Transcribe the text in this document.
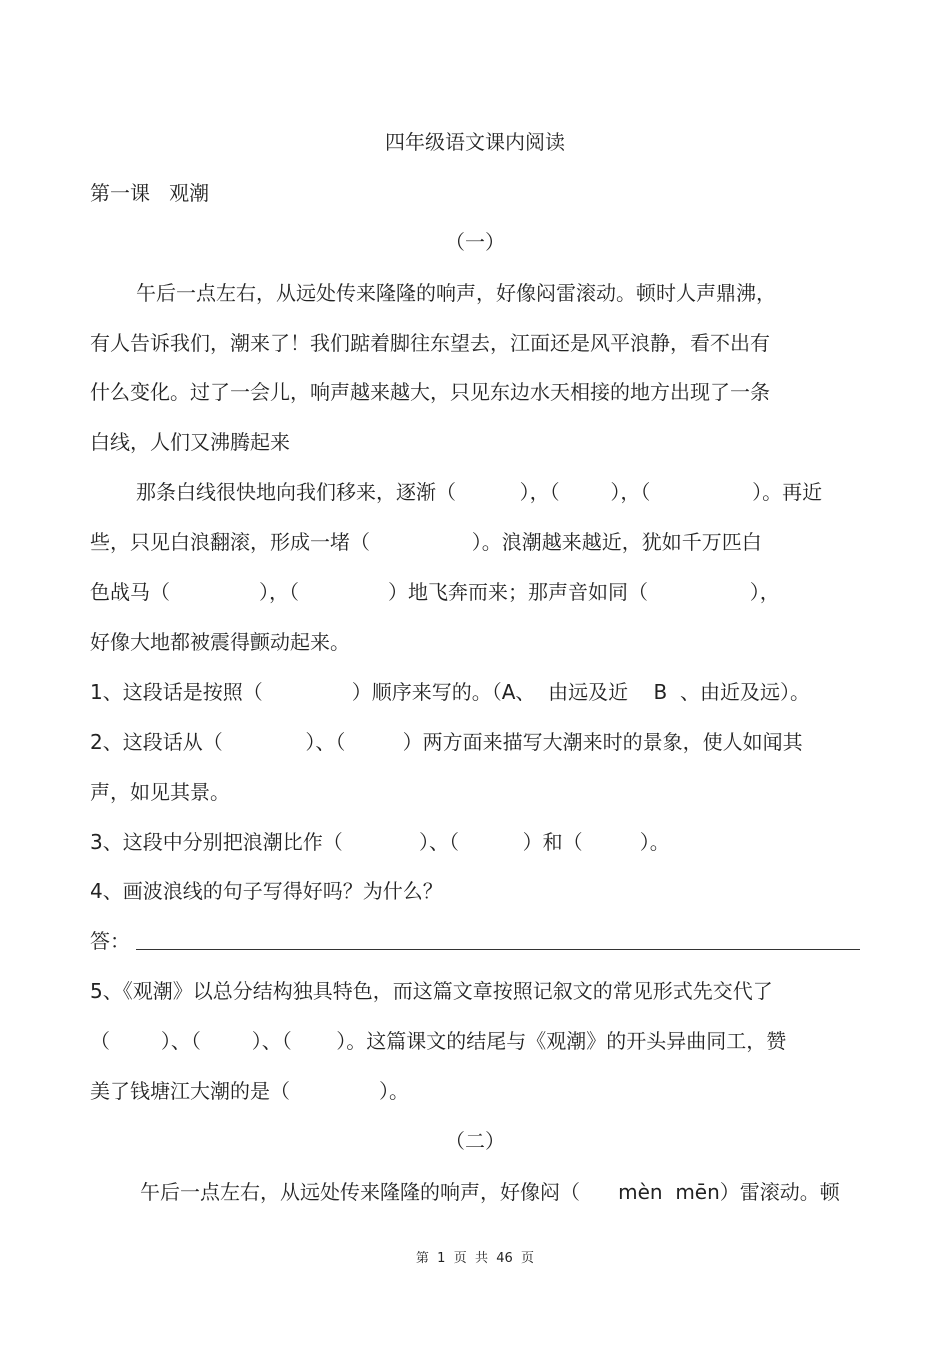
四年级语文课内阅读
第一课   观潮
（一）
午后一点左右，从远处传来隆隆的响声，好像闷雷滚动。顿时人声鼎沸，
有人告诉我们，潮来了！我们踮着脚往东望去，江面还是风平浪静，看不出有
什么变化。过了一会儿，响声越来越大，只见东边水天相接的地方出现了一条
白线，人们又沸腾起来
那条白线很快地向我们移来，逐渐（          ），（        ），（                ）。再近
些，只见白浪翻滚，形成一堵（                ）。浪潮越来越近，犹如千万匹白
色战马（              ），（              ）地飞奔而来；那声音如同（                ），
好像大地都被震得颤动起来。
1、这段话是按照（              ）顺序来写的。（A、  由远及近    B  、由近及远）。
2、这段话从（             ）、（         ）两方面来描写大潮来时的景象，使人如闻其
声，如见其景。
3、这段中分别把浪潮比作（            ）、（          ）和（         ）。
4、画波浪线的句子写得好吗？为什么？
答：
5、《观潮》以总分结构独具特色，而这篇文章按照记叙文的常见形式先交代了
（        ）、（        ）、（       ）。这篇课文的结尾与《观潮》的开头异曲同工，赞
美了钱塘江大潮的是（              ）。
（二）
午后一点左右，从远处传来隆隆的响声，好像闷（      mèn  mēn）雷滚动。顿
第  1  页  共  46  页
